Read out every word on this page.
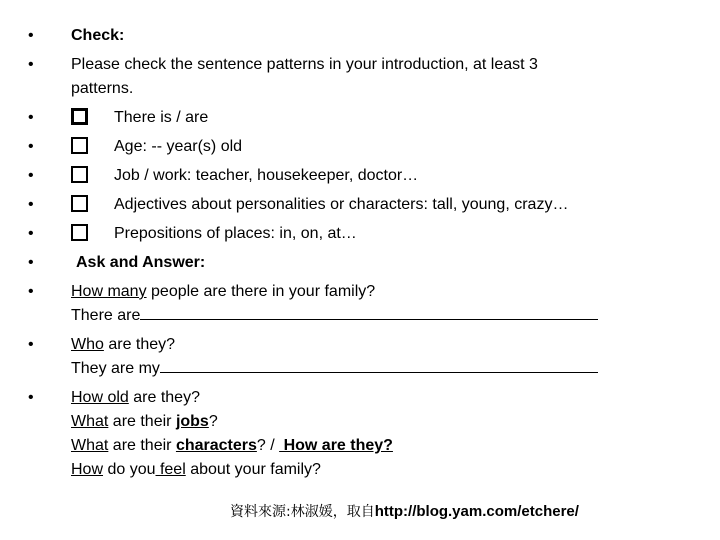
•	Check:
•	Please check the sentence patterns in your introduction, at least 3
patterns.
•	There is / are
•	Age: -- year(s) old
•	Job / work: teacher, housekeeper, doctor…
•	Adjectives about personalities or characters: tall, young, crazy…
•	Prepositions of places: in, on, at…
•	Ask and Answer:
•	How many people are there in your family?
There are
•	Who are they?
They are my
•	How old are they?
What are their jobs?
What are their characters? /  How are they?
How do you feel about your family?
資料來源:林淑媛，取自http://blog.yam.com/etchere/
